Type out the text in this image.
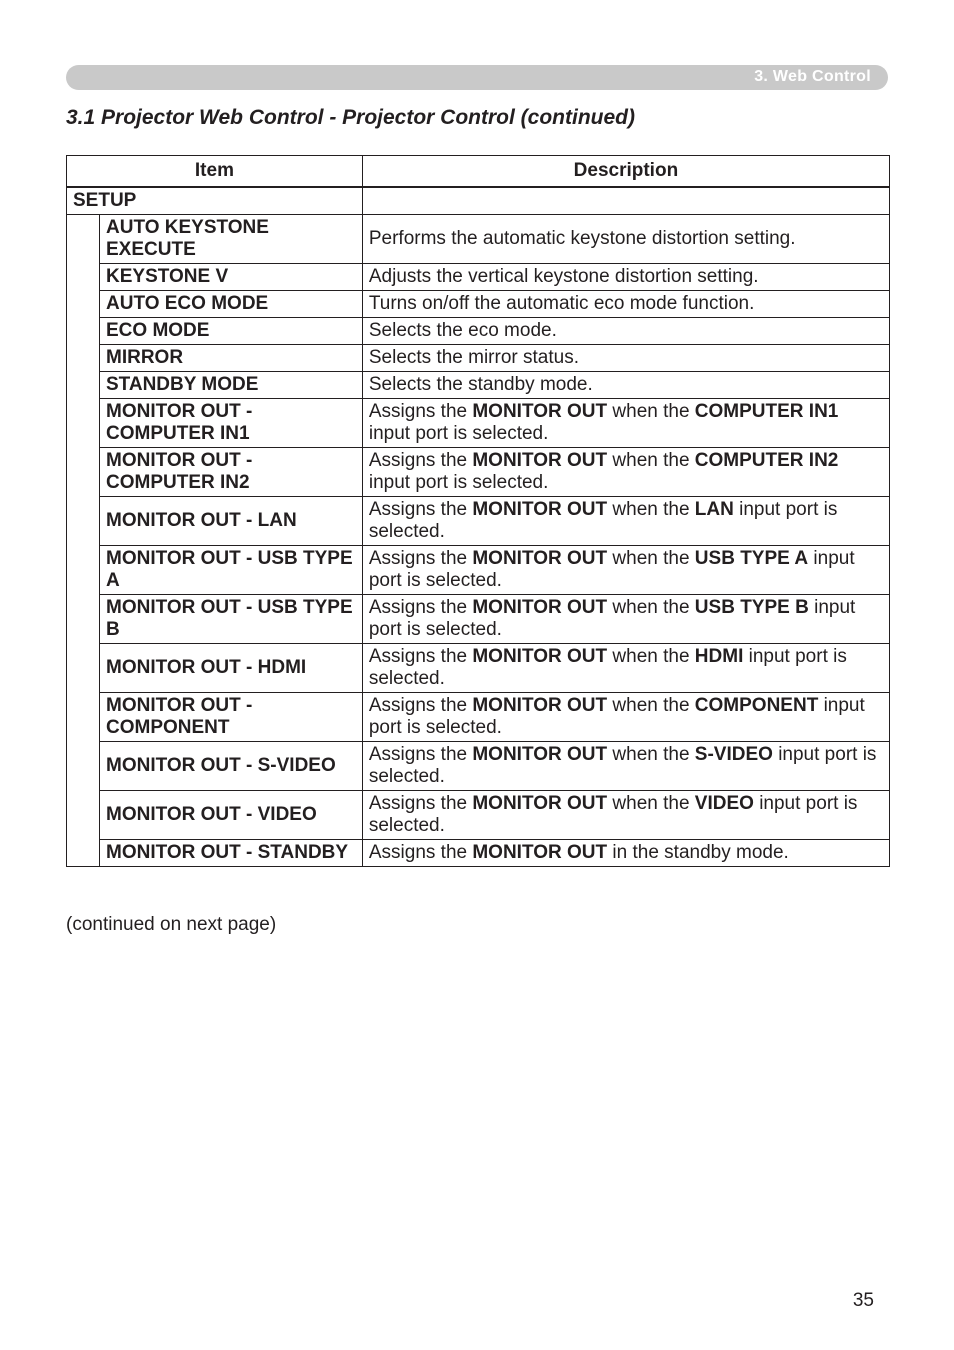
3. Web Control
3.1 Projector Web Control - Projector Control (continued)
Item		Description
SETUP		
	AUTO KEYSTONE EXECUTE	Performs the automatic keystone distortion setting.
	KEYSTONE V	Adjusts the vertical keystone distortion setting.
	AUTO ECO MODE	Turns on/off the automatic eco mode function.
	ECO MODE	Selects the eco mode.
	MIRROR	Selects the mirror status.
	STANDBY MODE	Selects the standby mode.
	MONITOR OUT - COMPUTER IN1	Assigns the MONITOR OUT when the COMPUTER IN1 input port is selected.
	MONITOR OUT - COMPUTER IN2	Assigns the MONITOR OUT when the COMPUTER IN2 input port is selected.
	MONITOR OUT - LAN	Assigns the MONITOR OUT when the LAN input port is selected.
	MONITOR OUT - USB TYPE A	Assigns the MONITOR OUT when the USB TYPE A input port is selected.
	MONITOR OUT - USB TYPE B	Assigns the MONITOR OUT when the USB TYPE B input port is selected.
	MONITOR OUT - HDMI	Assigns the MONITOR OUT when the HDMI input port is selected.
	MONITOR OUT - COMPONENT	Assigns the MONITOR OUT when the COMPONENT input port is selected.
	MONITOR OUT - S-VIDEO	Assigns the MONITOR OUT when the S-VIDEO input port is selected.
	MONITOR OUT - VIDEO	Assigns the MONITOR OUT when the VIDEO input port is selected.
	MONITOR OUT - STANDBY	Assigns the MONITOR OUT in the standby mode.
(continued on next page)
35
